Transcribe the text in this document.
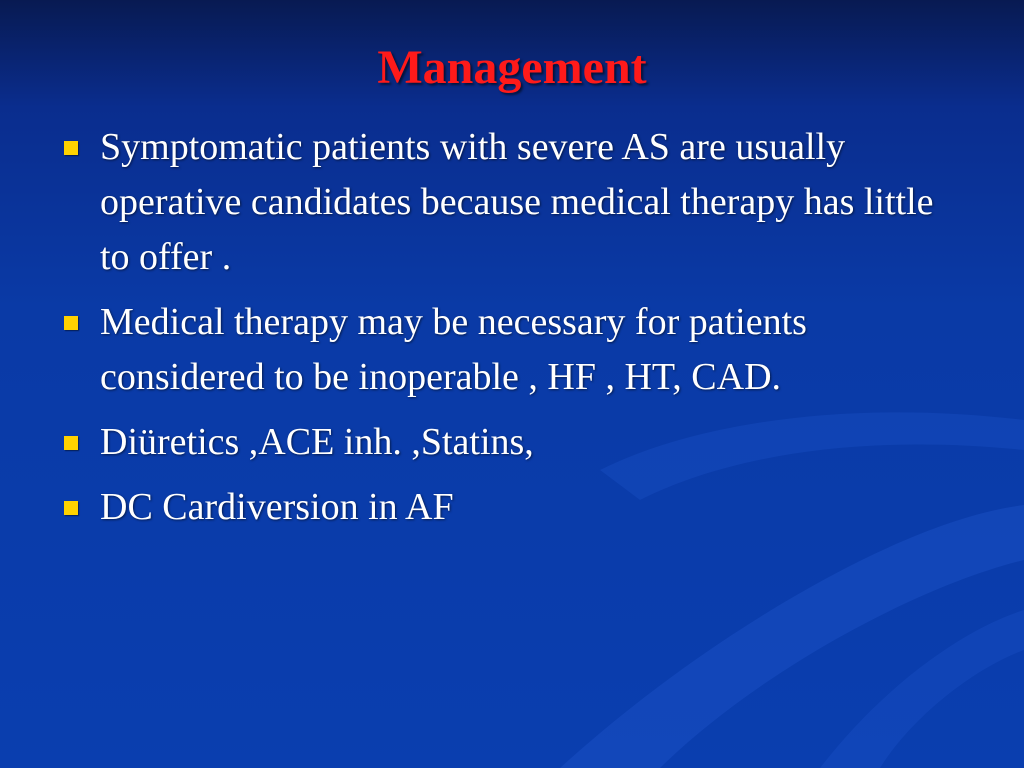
Management
Symptomatic patients with severe AS are usually operative candidates because medical therapy has little to offer .
Medical therapy may be necessary for patients considered to be inoperable , HF , HT, CAD.
Diüretics ,ACE inh. ,Statins,
DC Cardiversion in AF
